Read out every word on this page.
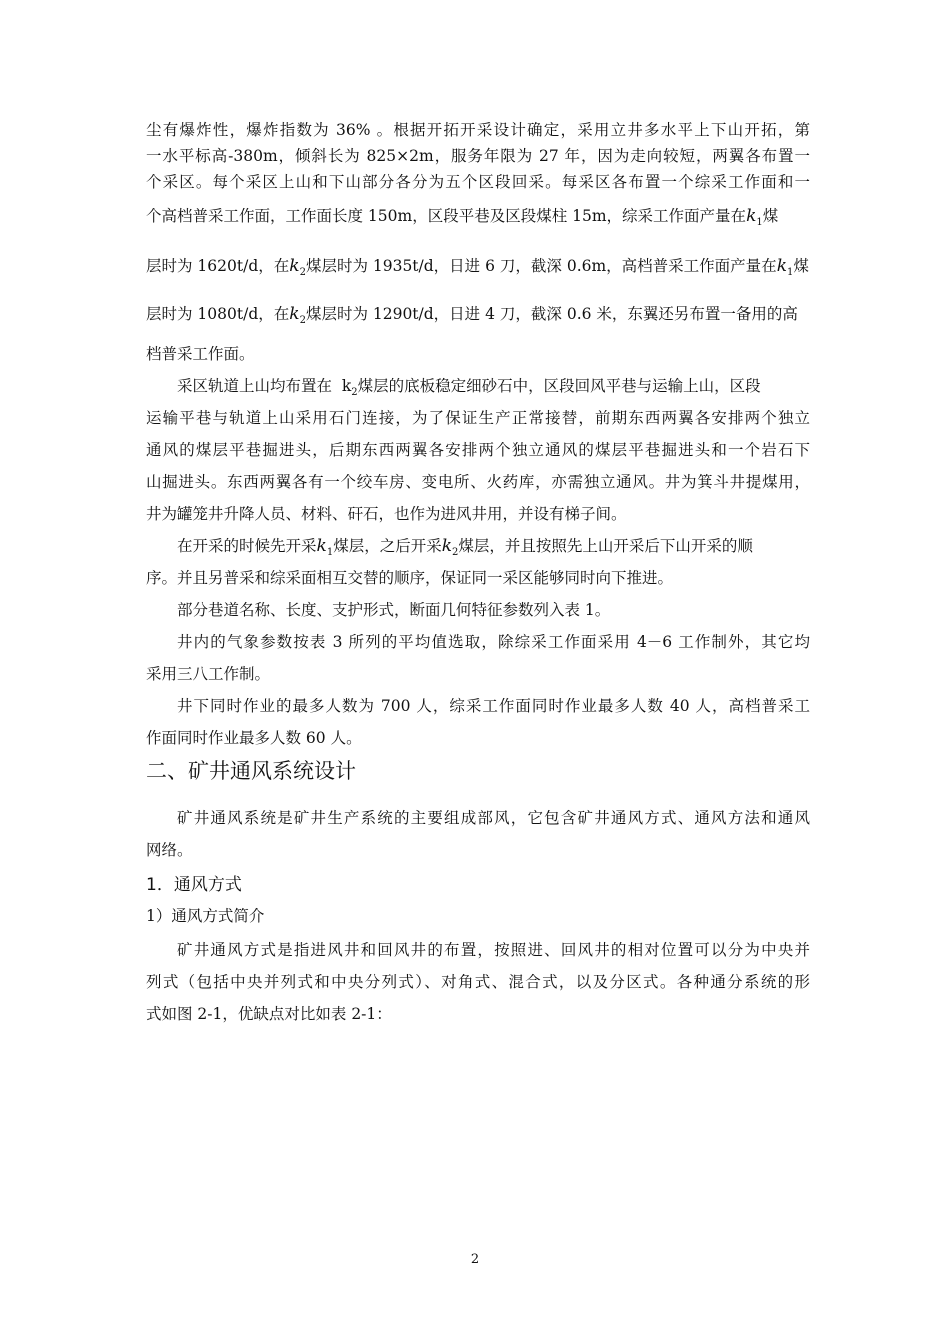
尘有爆炸性，爆炸指数为 36% 。根据开拓开采设计确定，采用立井多水平上下山开拓，第
一水平标高-380m，倾斜长为 825×2m，服务年限为 27 年，因为走向较短，两翼各布置一
个采区。每个采区上山和下山部分各分为五个区段回采。每采区各布置一个综采工作面和一
个高档普采工作面，工作面长度 150m，区段平巷及区段煤柱 15m，综采工作面产量在$k_1$煤
层时为 1620t/d，在$k_2$煤层时为 1935t/d，日进 6 刀，截深 0.6m，高档普采工作面产量在$k_1$煤
层时为 1080t/d，在$k_2$煤层时为 1290t/d，日进 4 刀，截深 0.6 米，东翼还另布置一备用的高
档普采工作面。
采区轨道上山均布置在 $k_2$煤层的底板稳定细砂石中，区段回风平巷与运输上山，区段
运输平巷与轨道上山采用石门连接，为了保证生产正常接替，前期东西两翼各安排两个独立
通风的煤层平巷掘进头，后期东西两翼各安排两个独立通风的煤层平巷掘进头和一个岩石下
山掘进头。东西两翼各有一个绞车房、变电所、火药库，亦需独立通风。井为箕斗井提煤用，
井为罐笼井升降人员、材料、矸石，也作为进风井用，并设有梯子间。
在开采的时候先开采$k_1$煤层，之后开采$k_2$煤层，并且按照先上山开采后下山开采的顺
序。并且另普采和综采面相互交替的顺序，保证同一采区能够同时向下推进。
部分巷道名称、长度、支护形式，断面几何特征参数列入表 1。
井内的气象参数按表 3 所列的平均值选取，除综采工作面采用 4－6 工作制外，其它均
采用三八工作制。
井下同时作业的最多人数为 700 人，综采工作面同时作业最多人数 40 人，高档普采工
作面同时作业最多人数 60 人。
二、矿井通风系统设计
矿井通风系统是矿井生产系统的主要组成部风，它包含矿井通风方式、通风方法和通风
网络。
1．通风方式
1）通风方式简介
矿井通风方式是指进风井和回风井的布置，按照进、回风井的相对位置可以分为中央并
列式（包括中央并列式和中央分列式）、对角式、混合式，以及分区式。各种通分系统的形
式如图 2-1，优缺点对比如表 2-1：
2
